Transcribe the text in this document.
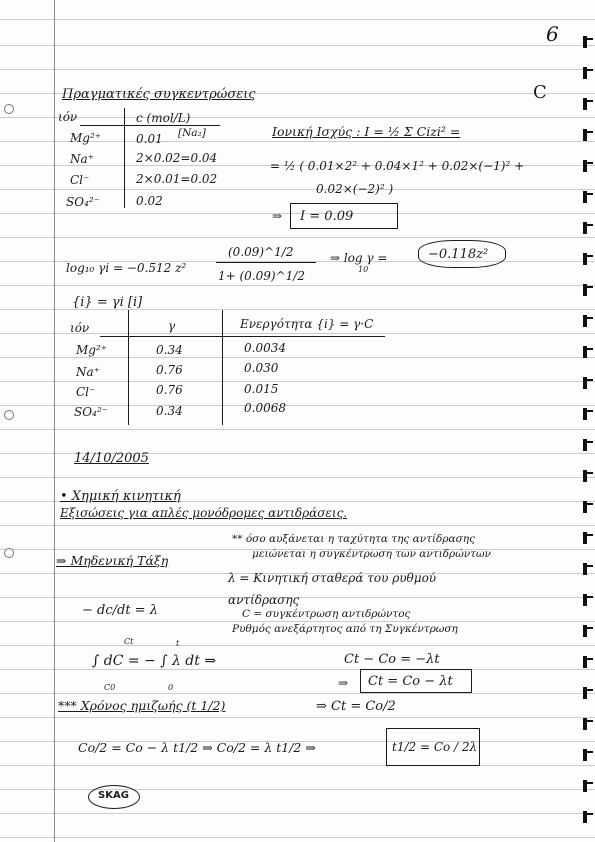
6
C
Πραγματικές συγκεντρώσεις
ιόν	c (mol/L)
Mg²⁺	0.01 [Na₂]
Na⁺	2×0.02=0.04
Cl⁻	2×0.01=0.02
SO₄²⁻	0.02
Ιονική Ισχύς : I = ½ Σ Cizi² =
= ½ ( 0.01×2² + 0.04×1² + 0.02×(−1)² +
0.02×(−2)² )
⇒ I = 0.09
log₁₀ γi = −0.512 z²
(0.09)^1/2
1+ (0.09)^1/2
⇒ log γ =
10
−0.118z²
{i} = γi [i]
ιόν	γ	Ενεργότητα {i} = γ·C
Mg²⁺	0.34	0.0034
Na⁺	0.76	0.030
Cl⁻	0.76	0.015
SO₄²⁻	0.34	0.0068
14/10/2005
• Χημική κινητική
Εξισώσεις για απλές μονόδρομες αντιδράσεις.
⇒ Μηδενική Τάξη
** όσο αυξάνεται η ταχύτητα της αντίδρασης
μειώνεται η συγκέντρωση των αντιδρώντων
λ = Κινητική σταθερά του ρυθμού
αντίδρασης
C = συγκέντρωση αντιδρώντος
Ρυθμός ανεξάρτητος από τη Συγκέντρωση
− dc/dt = λ
Ct
C0
∫ dC = − ∫ λ dt ⇒
t
0
Ct − Co = −λt
⇒ Ct = Co − λt
*** Χρόνος ημιζωής (t 1/2)	⇒ Ct = Co/2
Co/2 = Co − λ t1/2 ⇒ Co/2 = λ t1/2 ⇒	t1/2 = Co / 2λ
SKAG
